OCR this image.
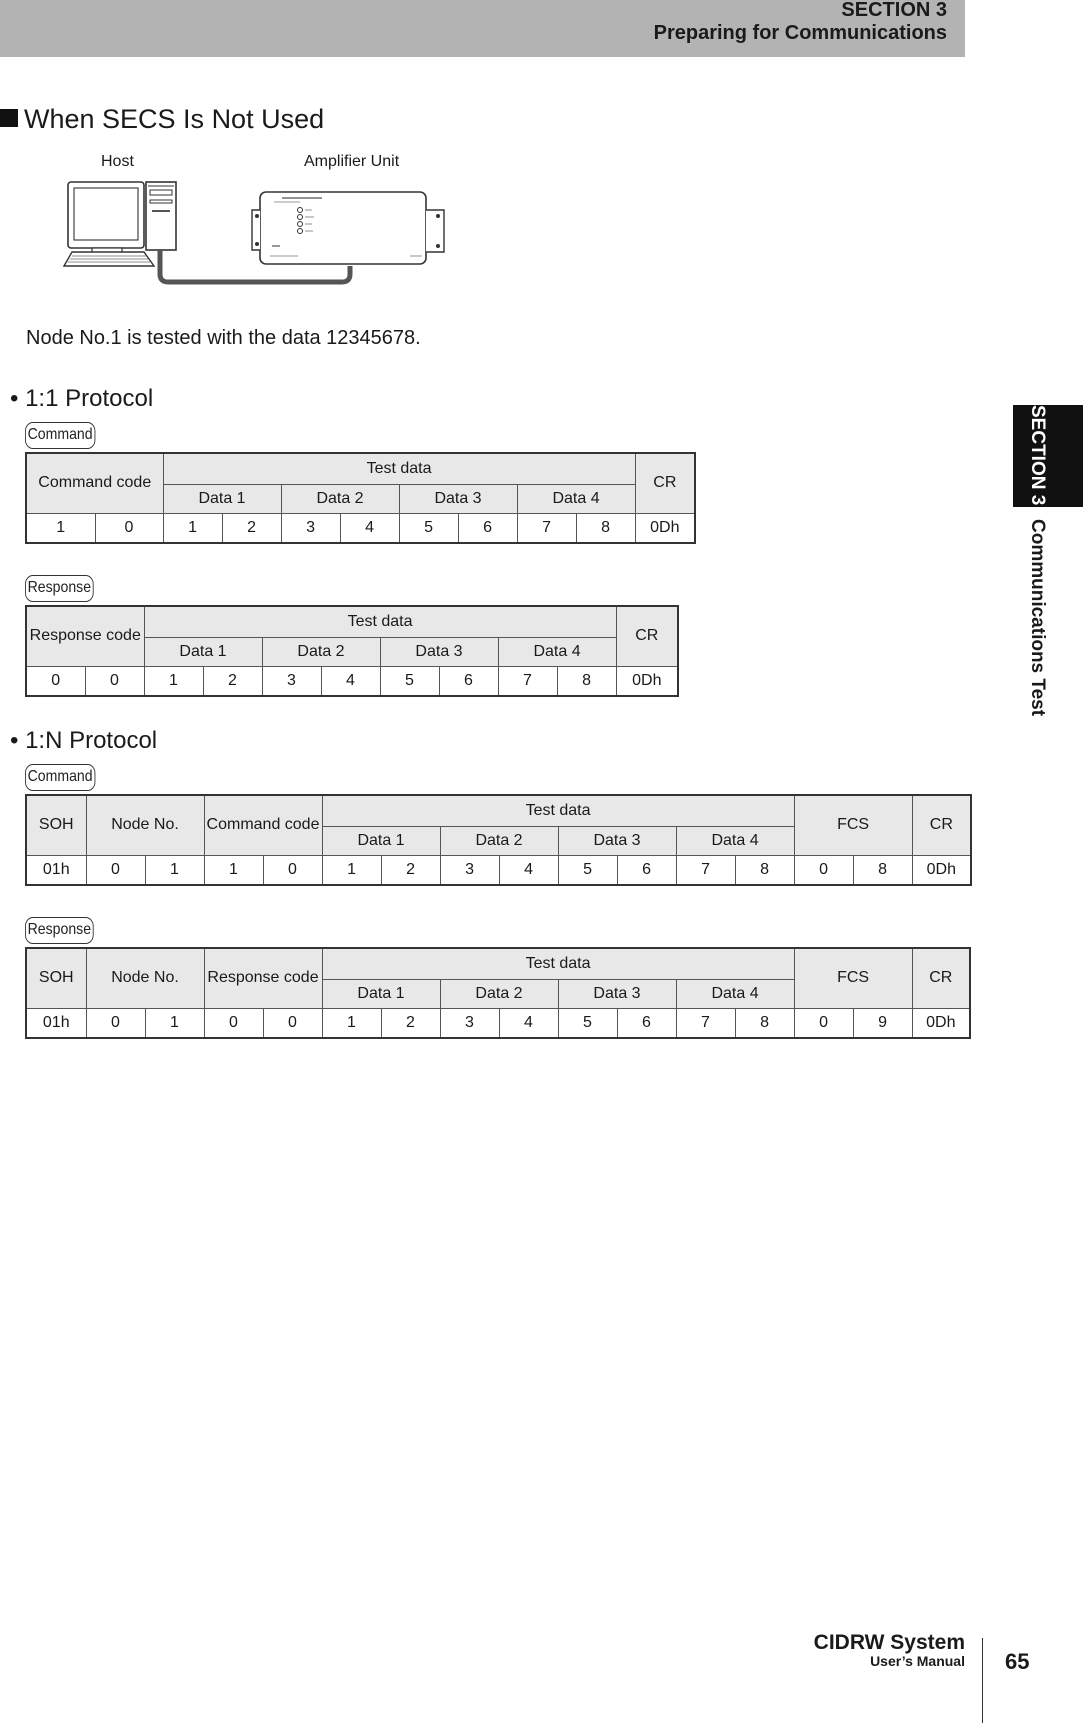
SECTION 3
Preparing for Communications
SECTION 3Communications Test
When SECS Is Not Used
Host	Amplifier Unit
Node No.1 is tested with the data 12345678.
• 1:1 Protocol
Command
Command code		Test data								CR
		Data 1		Data 2		Data 3		Data 4		
1	0	1	2	3	4	5	6	7	8	0Dh
Response
Response code		Test data								CR
		Data 1		Data 2		Data 3		Data 4		
0	0	1	2	3	4	5	6	7	8	0Dh
• 1:N Protocol
Command
SOH	Node No.		Command code		Test data								FCS		CR
					Data 1		Data 2		Data 3		Data 4				
01h	0	1	1	0	1	2	3	4	5	6	7	8	0	8	0Dh
Response
SOH	Node No.		Response code		Test data								FCS		CR
					Data 1		Data 2		Data 3		Data 4				
01h	0	1	0	0	1	2	3	4	5	6	7	8	0	9	0Dh
CIDRW System
User’s Manual 65
